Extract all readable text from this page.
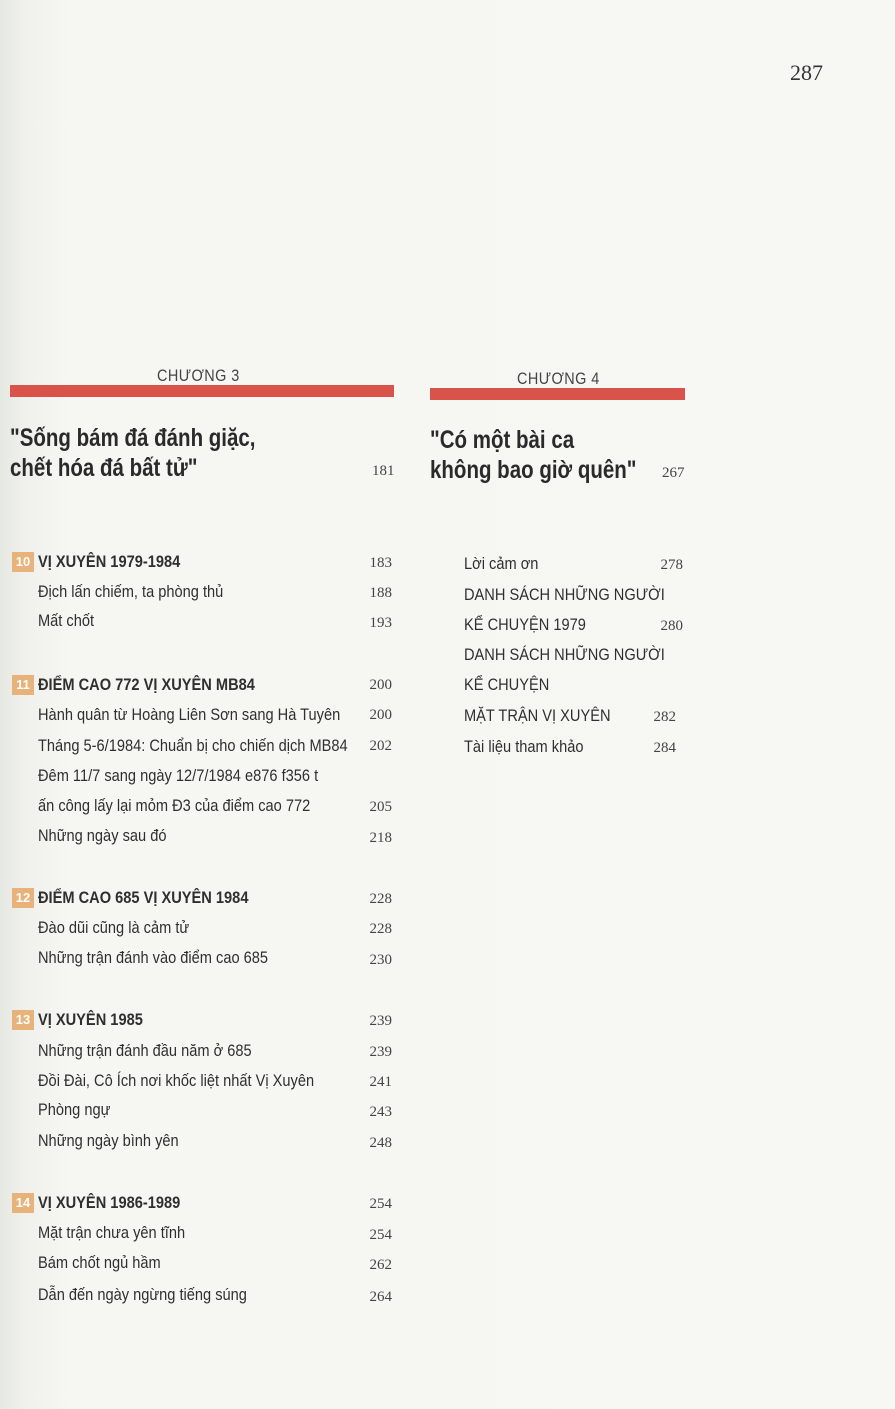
287
CHƯƠNG 3
"Sống bám đá đánh giặc,
chết hóa đá bất tử"	181
10 VỊ XUYÊN 1979-1984	183
Địch lấn chiếm, ta phòng thủ	188
Mất chốt	193
11 ĐIỂM CAO 772 VỊ XUYÊN MB84	200
Hành quân từ Hoàng Liên Sơn sang Hà Tuyên	200
Tháng 5-6/1984: Chuẩn bị cho chiến dịch MB84	202
Đêm 11/7 sang ngày 12/7/1984 e876 f356 t
ấn công lấy lại mỏm Đ3 của điểm cao 772	205
Những ngày sau đó	218
12 ĐIỂM CAO 685 VỊ XUYÊN 1984	228
Đào dũi cũng là cảm tử	228
Những trận đánh vào điểm cao 685	230
13 VỊ XUYÊN 1985	239
Những trận đánh đầu năm ở 685	239
Đồi Đài, Cô Ích nơi khốc liệt nhất Vị Xuyên	241
Phòng ngự	243
Những ngày bình yên	248
14 VỊ XUYÊN 1986-1989	254
Mặt trận chưa yên tĩnh	254
Bám chốt ngủ hầm	262
Dẫn đến ngày ngừng tiếng súng	264
CHƯƠNG 4
"Có một bài ca
không bao giờ quên" 267
Lời cảm ơn	278
DANH SÁCH NHỮNG NGƯỜI
KỂ CHUYỆN 1979	280
DANH SÁCH NHỮNG NGƯỜI
KỂ CHUYỆN
MẶT TRẬN VỊ XUYÊN	282
Tài liệu tham khảo	284
